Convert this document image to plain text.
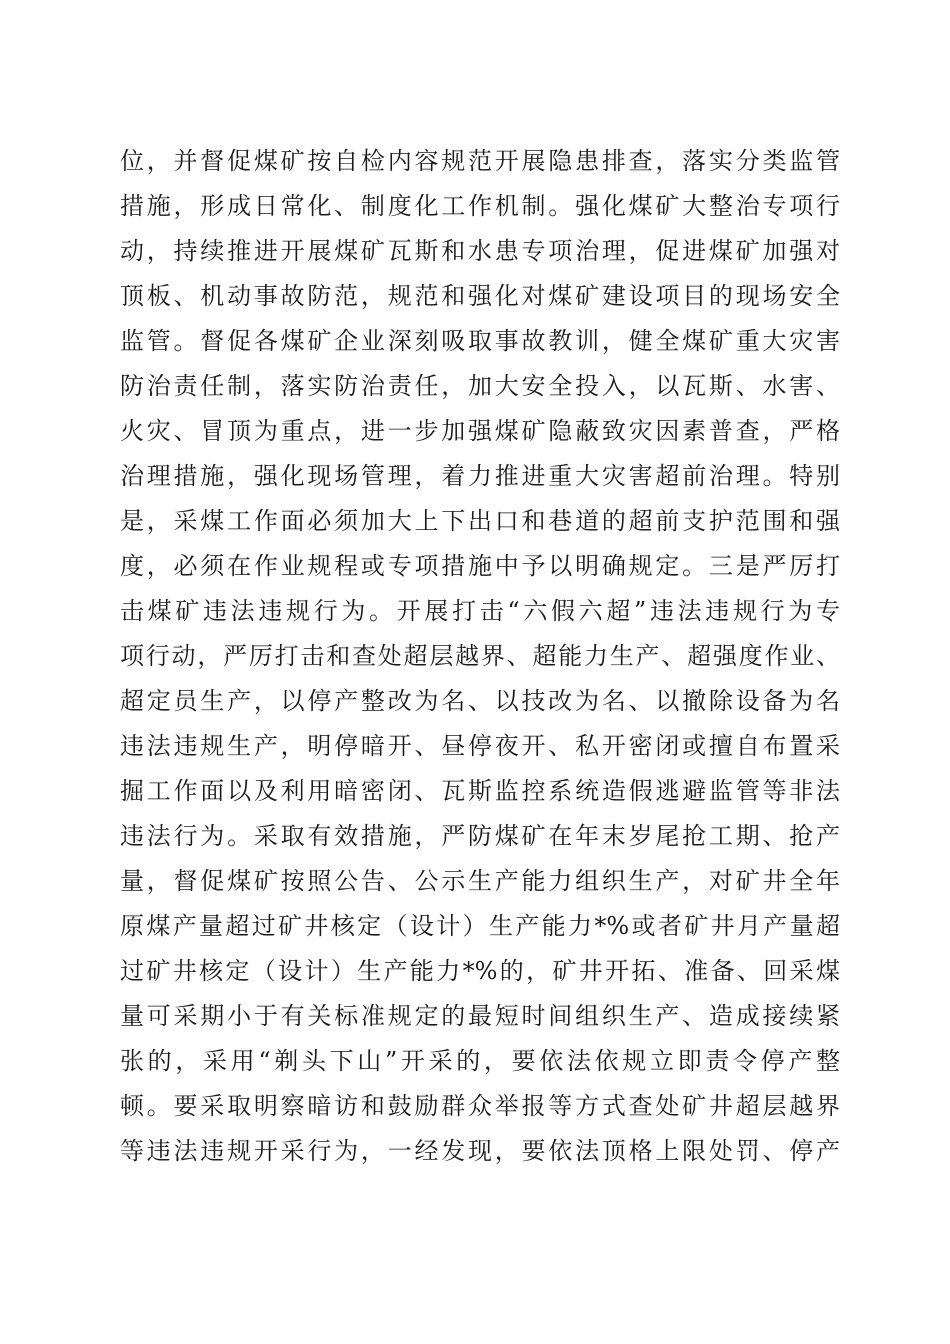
位，并督促煤矿按自检内容规范开展隐患排查，落实分类监管
措施，形成日常化、制度化工作机制。强化煤矿大整治专项行
动，持续推进开展煤矿瓦斯和水患专项治理，促进煤矿加强对
顶板、机动事故防范，规范和强化对煤矿建设项目的现场安全
监管。督促各煤矿企业深刻吸取事故教训，健全煤矿重大灾害
防治责任制，落实防治责任，加大安全投入，以瓦斯、水害、
火灾、冒顶为重点，进一步加强煤矿隐蔽致灾因素普查，严格
治理措施，强化现场管理，着力推进重大灾害超前治理。特别
是，采煤工作面必须加大上下出口和巷道的超前支护范围和强
度，必须在作业规程或专项措施中予以明确规定。三是严厉打
击煤矿违法违规行为。开展打击“六假六超”违法违规行为专
项行动，严厉打击和查处超层越界、超能力生产、超强度作业、
超定员生产，以停产整改为名、以技改为名、以撤除设备为名
违法违规生产，明停暗开、昼停夜开、私开密闭或擅自布置采
掘工作面以及利用暗密闭、瓦斯监控系统造假逃避监管等非法
违法行为。采取有效措施，严防煤矿在年末岁尾抢工期、抢产
量，督促煤矿按照公告、公示生产能力组织生产，对矿井全年
原煤产量超过矿井核定（设计）生产能力*%或者矿井月产量超
过矿井核定（设计）生产能力*%的，矿井开拓、准备、回采煤
量可采期小于有关标准规定的最短时间组织生产、造成接续紧
张的，采用“剃头下山”开采的，要依法依规立即责令停产整
顿。要采取明察暗访和鼓励群众举报等方式查处矿井超层越界
等违法违规开采行为，一经发现，要依法顶格上限处罚、停产
